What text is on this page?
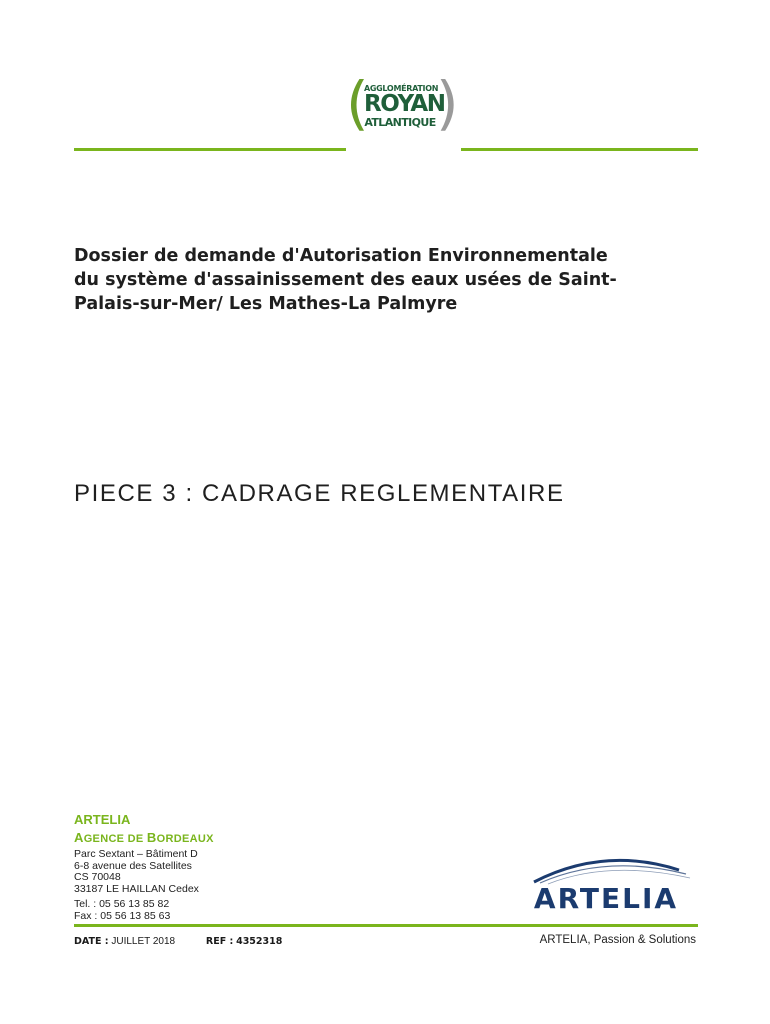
(
AGGLOMÉRATION
ROYAN
ATLANTIQUE )
Dossier de demande d'Autorisation Environnementale
du système d'assainissement des eaux usées de Saint-
Palais-sur-Mer/ Les Mathes-La Palmyre
PIECE 3 : CADRAGE REGLEMENTAIRE
ARTELIA
AGENCE DE BORDEAUX
Parc Sextant – Bâtiment D
6-8 avenue des Satellites
CS 70048
33187 LE HAILLAN Cedex
Tel. : 05 56 13 85 82
Fax : 05 56 13 85 63
ARTELIA
DATE : JUILLET 2018	REF : 4352318	ARTELIA, Passion & Solutions
